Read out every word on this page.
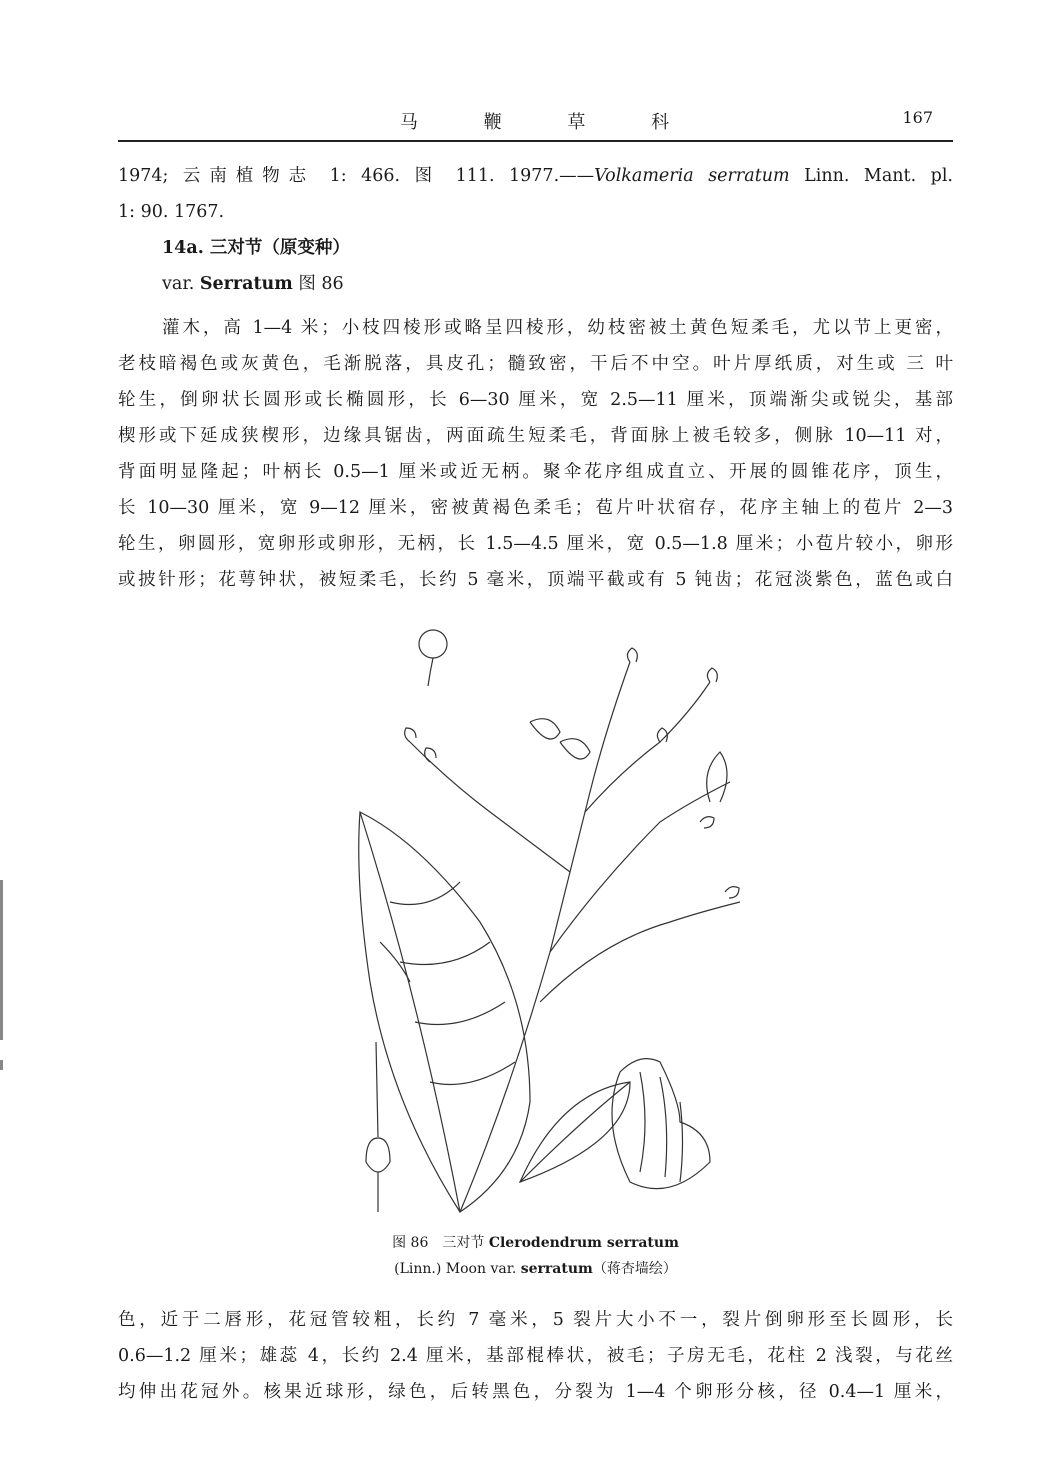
马	鞭	草	科	167
1974; 云南植物志 1: 466. 图 111. 1977.——Volkameria serratum Linn. Mant. pl.
1: 90. 1767.
14a. 三对节（原变种）
var. Serratum 图 86
灌木，高 1—4 米；小枝四棱形或略呈四棱形，幼枝密被土黄色短柔毛，尤以节上更密，
老枝暗褐色或灰黄色，毛渐脱落，具皮孔；髓致密，干后不中空。叶片厚纸质，对生或 三 叶
轮生，倒卵状长圆形或长椭圆形，长 6—30 厘米，宽 2.5—11 厘米，顶端渐尖或锐尖，基部
楔形或下延成狭楔形，边缘具锯齿，两面疏生短柔毛，背面脉上被毛较多，侧脉 10—11 对，
背面明显隆起；叶柄长 0.5—1 厘米或近无柄。聚伞花序组成直立、开展的圆锥花序，顶生，
长 10—30 厘米，宽 9—12 厘米，密被黄褐色柔毛；苞片叶状宿存，花序主轴上的苞片 2—3
轮生，卵圆形，宽卵形或卵形，无柄，长 1.5—4.5 厘米，宽 0.5—1.8 厘米；小苞片较小，卵形
或披针形；花萼钟状，被短柔毛，长约 5 毫米，顶端平截或有 5 钝齿；花冠淡紫色，蓝色或白
图 86　三对节 Clerodendrum serratum
(Linn.) Moon var. serratum（蒋杏墙绘）
色，近于二唇形，花冠管较粗，长约 7 毫米，5 裂片大小不一，裂片倒卵形至长圆形，长
0.6—1.2 厘米；雄蕊 4，长约 2.4 厘米，基部棍棒状，被毛；子房无毛，花柱 2 浅裂，与花丝
均伸出花冠外。核果近球形，绿色，后转黑色，分裂为 1—4 个卵形分核，径 0.4—1 厘米，
